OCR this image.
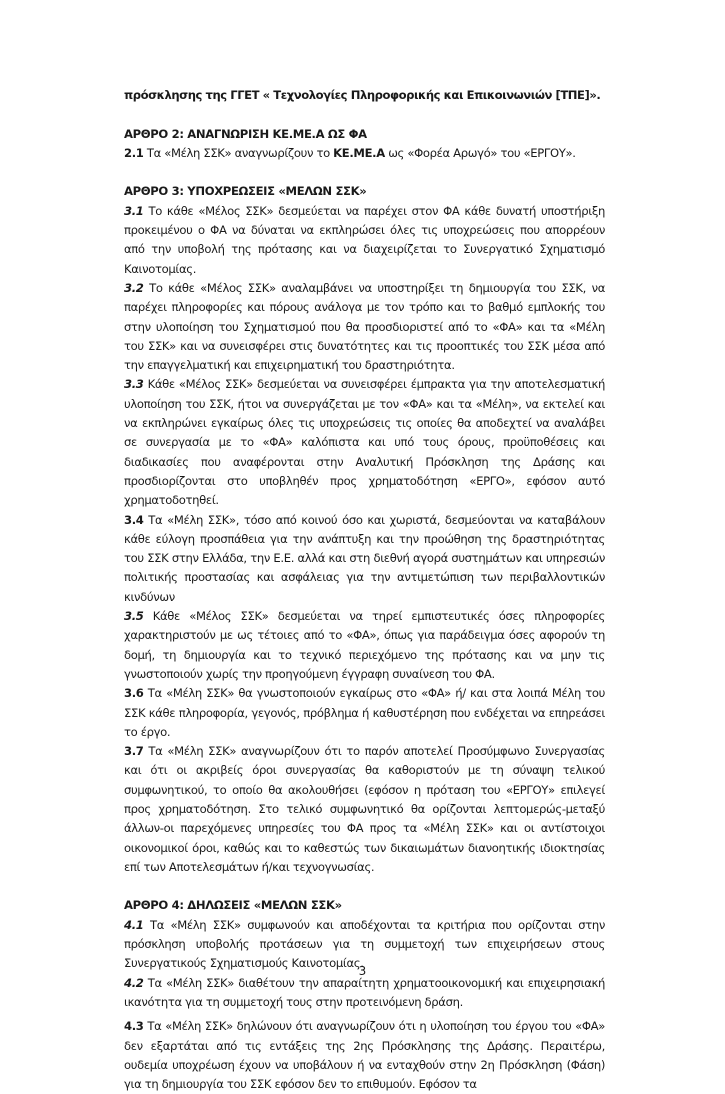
πρόσκλησης της ΓΓΕΤ « Τεχνολογίες Πληροφορικής και Επικοινωνιών [ΤΠΕ]».
ΑΡΘΡΟ 2: ΑΝΑΓΝΩΡΙΣΗ ΚΕ.ΜΕ.Α ΩΣ ΦΑ
2.1 Τα «Μέλη ΣΣΚ» αναγνωρίζουν το ΚΕ.ΜΕ.Α ως «Φορέα Αρωγό» του «ΕΡΓΟΥ».
ΑΡΘΡΟ 3: ΥΠΟΧΡΕΩΣΕΙΣ «ΜΕΛΩΝ ΣΣΚ»
3.1 Το κάθε «Μέλος ΣΣΚ» δεσμεύεται να παρέχει στον ΦΑ κάθε δυνατή υποστήριξη προκειμένου ο ΦΑ να δύναται να εκπληρώσει όλες τις υποχρεώσεις που απορρέουν από την υποβολή της πρότασης και να διαχειρίζεται το Συνεργατικό Σχηματισμό Καινοτομίας.
3.2 Το κάθε «Μέλος ΣΣΚ» αναλαμβάνει να υποστηρίξει τη δημιουργία του ΣΣΚ, να παρέχει πληροφορίες και πόρους ανάλογα με τον τρόπο και το βαθμό εμπλοκής του στην υλοποίηση του Σχηματισμού που θα προσδιοριστεί από το «ΦΑ» και τα «Μέλη του ΣΣΚ» και να συνεισφέρει στις δυνατότητες και τις προοπτικές του ΣΣΚ μέσα από την επαγγελματική και επιχειρηματική του δραστηριότητα.
3.3 Κάθε «Μέλος ΣΣΚ» δεσμεύεται να συνεισφέρει έμπρακτα για την αποτελεσματική υλοποίηση του ΣΣΚ, ήτοι να συνεργάζεται με τον «ΦΑ» και τα «Μέλη», να εκτελεί και να εκπληρώνει εγκαίρως όλες τις υποχρεώσεις τις οποίες θα αποδεχτεί να αναλάβει σε συνεργασία με το «ΦΑ» καλόπιστα και υπό τους όρους, προϋποθέσεις και διαδικασίες που αναφέρονται στην Αναλυτική Πρόσκληση της Δράσης και προσδιορίζονται στο υποβληθέν προς χρηματοδότηση «ΕΡΓΟ», εφόσον αυτό χρηματοδοτηθεί.
3.4 Τα «Μέλη ΣΣΚ», τόσο από κοινού όσο και χωριστά, δεσμεύονται να καταβάλουν κάθε εύλογη προσπάθεια για την ανάπτυξη και την προώθηση της δραστηριότητας του ΣΣΚ στην Ελλάδα, την Ε.Ε. αλλά και στη διεθνή αγορά συστημάτων και υπηρεσιών πολιτικής προστασίας και ασφάλειας για την αντιμετώπιση των περιβαλλοντικών κινδύνων
3.5 Κάθε «Μέλος ΣΣΚ» δεσμεύεται να τηρεί εμπιστευτικές όσες πληροφορίες χαρακτηριστούν με ως τέτοιες από το «ΦΑ», όπως για παράδειγμα όσες αφορούν τη δομή, τη δημιουργία και το τεχνικό περιεχόμενο της πρότασης και να μην τις γνωστοποιούν χωρίς την προηγούμενη έγγραφη συναίνεση του ΦΑ.
3.6 Τα «Μέλη ΣΣΚ» θα γνωστοποιούν εγκαίρως στο «ΦΑ» ή/ και στα λοιπά Μέλη του ΣΣΚ κάθε πληροφορία, γεγονός, πρόβλημα ή καθυστέρηση που ενδέχεται να επηρεάσει το έργο.
3.7 Τα «Μέλη ΣΣΚ» αναγνωρίζουν ότι το παρόν αποτελεί Προσύμφωνο Συνεργασίας και ότι οι ακριβείς όροι συνεργασίας θα καθοριστούν με τη σύναψη τελικού συμφωνητικού, το οποίο θα ακολουθήσει (εφόσον η πρόταση του «ΕΡΓΟΥ» επιλεγεί προς χρηματοδότηση. Στο τελικό συμφωνητικό θα ορίζονται λεπτομερώς-μεταξύ άλλων-οι παρεχόμενες υπηρεσίες του ΦΑ προς τα «Μέλη ΣΣΚ» και οι αντίστοιχοι οικονομικοί όροι, καθώς και το καθεστώς των δικαιωμάτων διανοητικής ιδιοκτησίας επί των Αποτελεσμάτων ή/και τεχνογνωσίας.
ΑΡΘΡΟ 4: ΔΗΛΩΣΕΙΣ «ΜΕΛΩΝ ΣΣΚ»
4.1 Τα «Μέλη ΣΣΚ» συμφωνούν και αποδέχονται τα κριτήρια που ορίζονται στην πρόσκληση υποβολής προτάσεων για τη συμμετοχή των επιχειρήσεων στους Συνεργατικούς Σχηματισμούς Καινοτομίας.
4.2 Τα «Μέλη ΣΣΚ» διαθέτουν την απαραίτητη χρηματοοικονομική και επιχειρησιακή ικανότητα για τη συμμετοχή τους στην προτεινόμενη δράση.
4.3 Τα «Μέλη ΣΣΚ» δηλώνουν ότι αναγνωρίζουν ότι η υλοποίηση του έργου του «ΦΑ» δεν εξαρτάται από τις εντάξεις της 2ης Πρόσκλησης της Δράσης. Περαιτέρω, ουδεμία υποχρέωση έχουν να υποβάλουν ή να ενταχθούν στην 2η Πρόσκληση (Φάση) για τη δημιουργία του ΣΣΚ εφόσον δεν το επιθυμούν. Εφόσον τα
3
